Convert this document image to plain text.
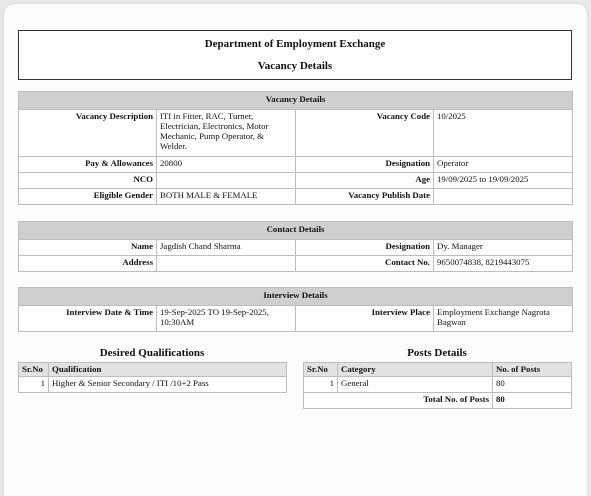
Department of Employment Exchange
Vacancy Details
Vacancy Details			
Vacancy Description	ITI in Fitter, RAC, Turner, Electrician, Electronics, Motor Mechanic, Pump Operator, & Welder.	Vacancy Code	10/2025
Pay & Allowances	20800	Designation	Operator
NCO		Age	19/09/2025 to 19/09/2025
Eligible Gender	BOTH MALE & FEMALE	Vacancy Publish Date	
Contact Details			
Name	Jagdish Chand Sharma	Designation	Dy. Manager
Address		Contact No.	9650074838, 8219443075
Interview Details
Interview Date & Time	19-Sep-2025 TO 19-Sep-2025, 10:30AM	Interview Place	Employment Exchange Nagrota Bagwan
Desired Qualifications
Sr.No	Qualification
1	Higher & Senior Secondary / ITI /10+2 Pass
Posts Details
Sr.No	Category	No. of Posts
1	General	80
Total No. of Posts		80
